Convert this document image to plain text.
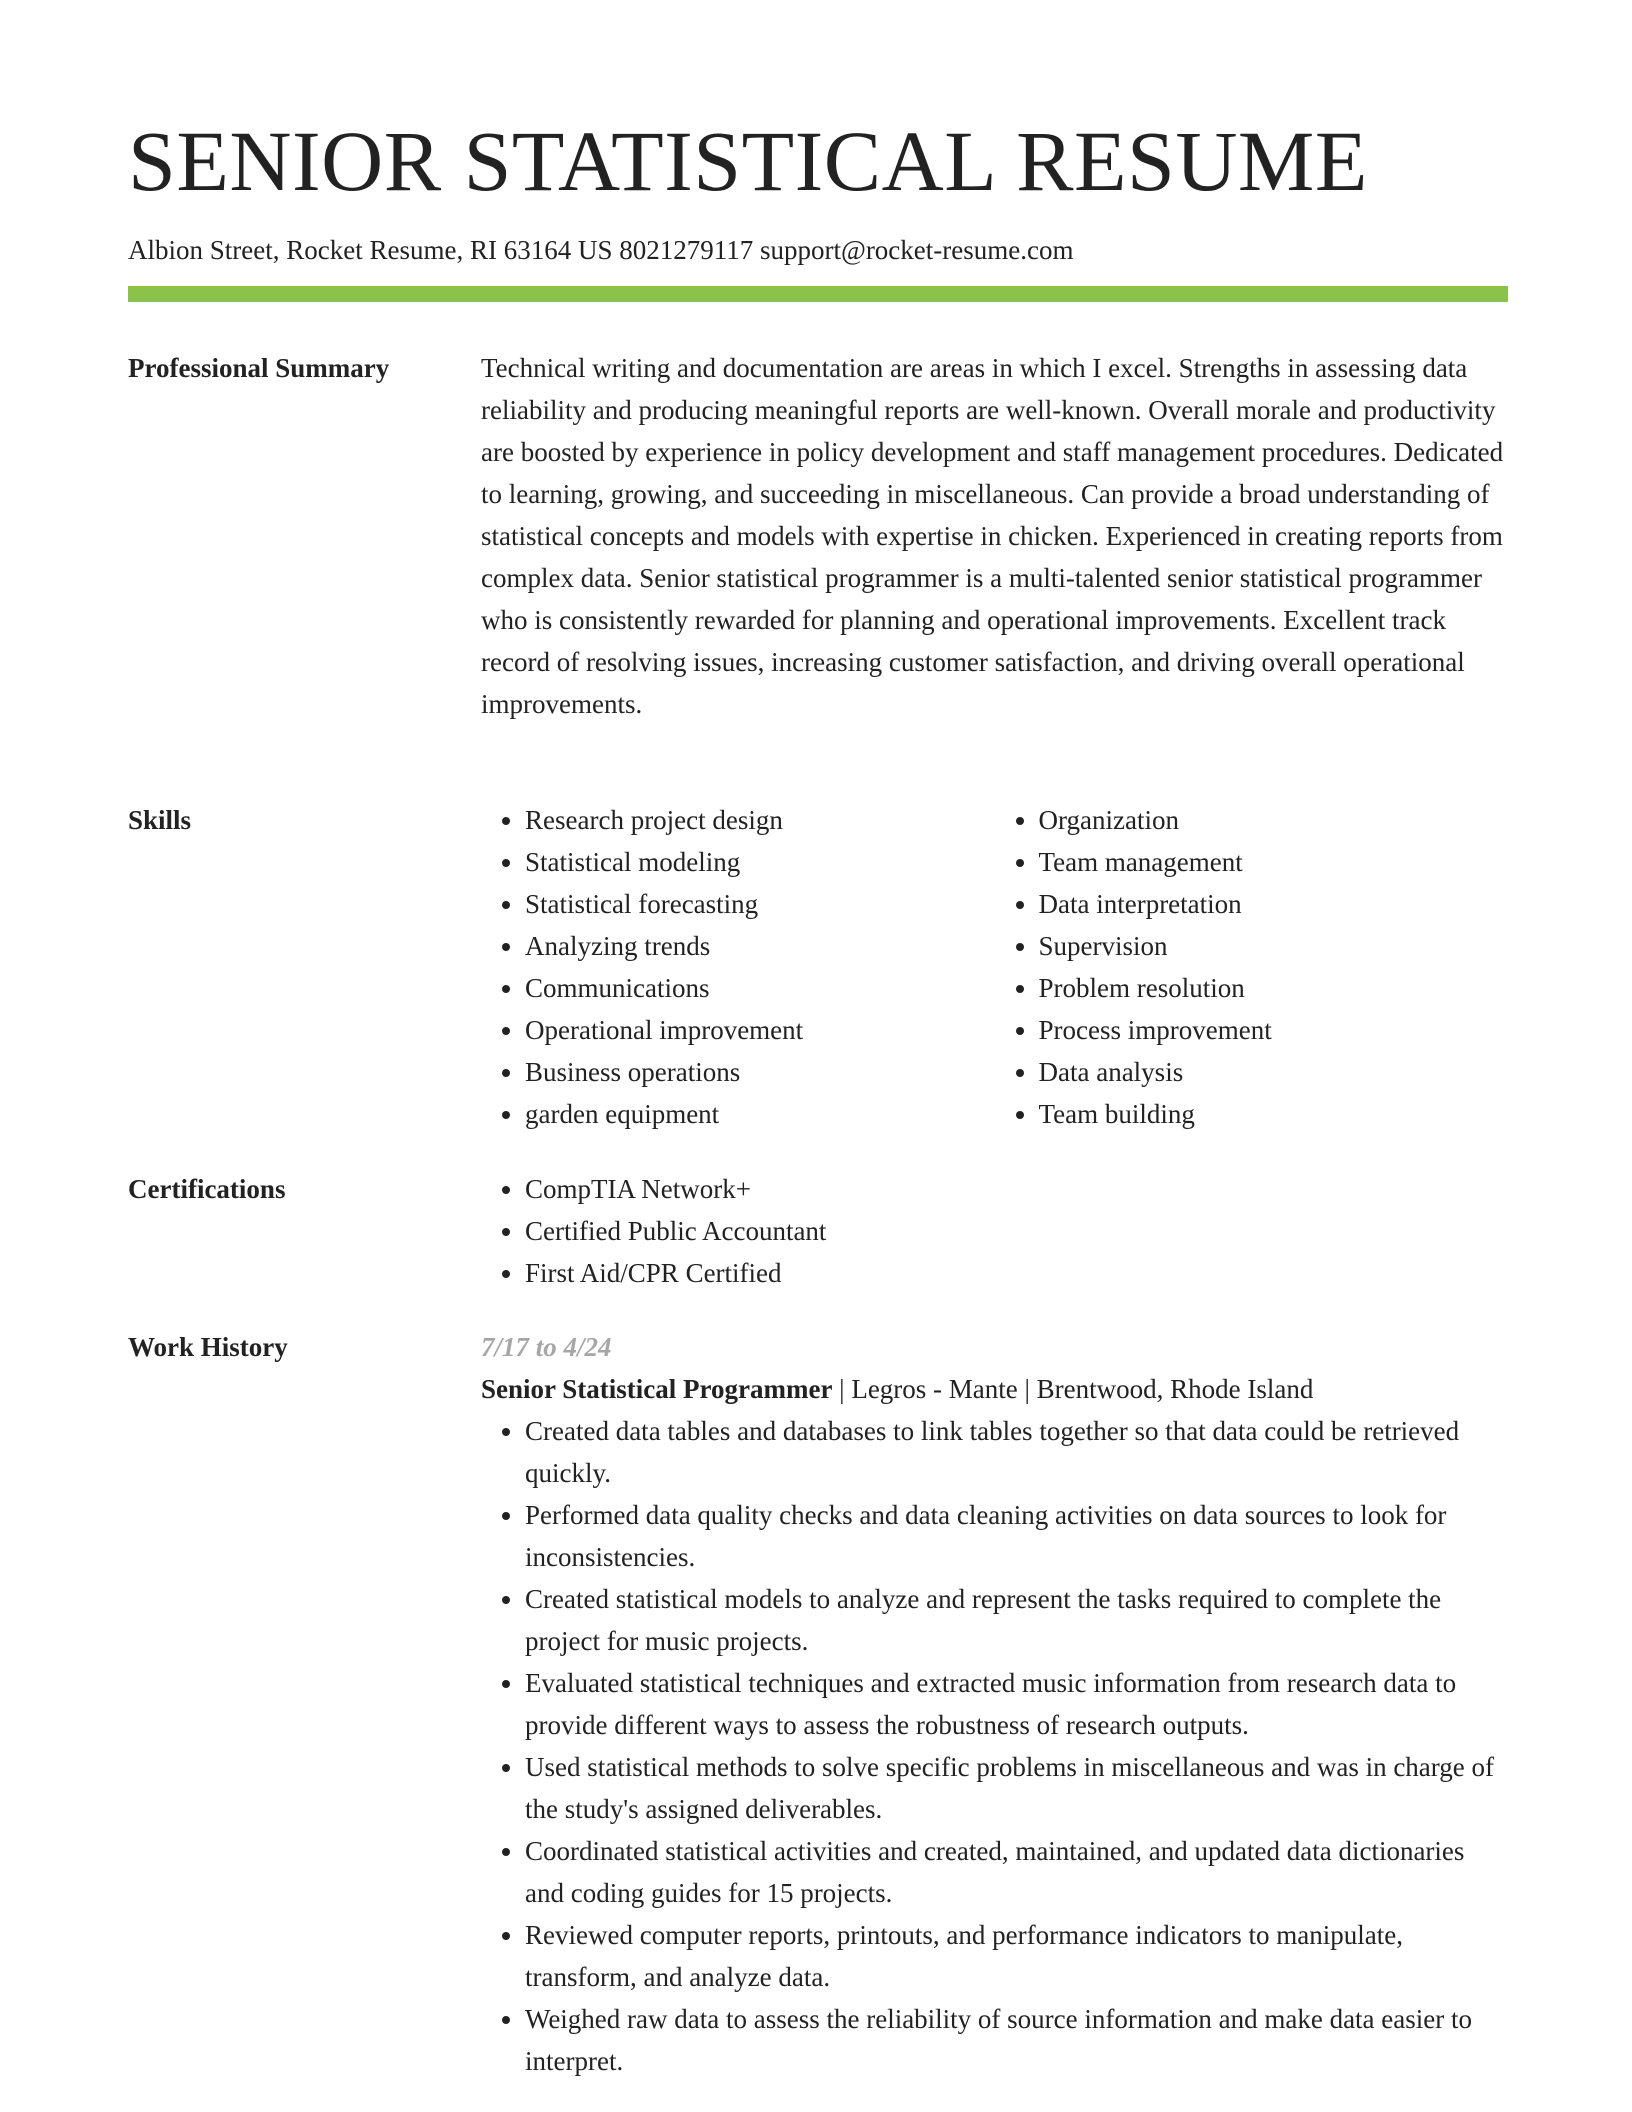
SENIOR STATISTICAL RESUME
Albion Street, Rocket Resume, RI 63164 US 8021279117 support@rocket-resume.com
Professional Summary	Technical writing and documentation are areas in which I excel. Strengths in assessing data reliability and producing meaningful reports are well-known. Overall morale and productivity are boosted by experience in policy development and staff management procedures. Dedicated to learning, growing, and succeeding in miscellaneous. Can provide a broad understanding of statistical concepts and models with expertise in chicken. Experienced in creating reports from complex data. Senior statistical programmer is a multi-talented senior statistical programmer who is consistently rewarded for planning and operational improvements. Excellent track record of resolving issues, increasing customer satisfaction, and driving overall operational improvements.

Skills	• Research project design
• Statistical modeling
• Statistical forecasting
• Analyzing trends
• Communications
• Operational improvement
• Business operations
• garden equipment
• Organization
• Team management
• Data interpretation
• Supervision
• Problem resolution
• Process improvement
• Data analysis
• Team building
Certifications	• CompTIA Network+
• Certified Public Accountant
• First Aid/CPR Certified
Work History	7/17 to 4/24
Senior Statistical Programmer | Legros - Mante | Brentwood, Rhode Island
• Created data tables and databases to link tables together so that data could be retrieved quickly.
• Performed data quality checks and data cleaning activities on data sources to look for inconsistencies.
• Created statistical models to analyze and represent the tasks required to complete the project for music projects.
• Evaluated statistical techniques and extracted music information from research data to provide different ways to assess the robustness of research outputs.
• Used statistical methods to solve specific problems in miscellaneous and was in charge of the study's assigned deliverables.
• Coordinated statistical activities and created, maintained, and updated data dictionaries and coding guides for 15 projects.
• Reviewed computer reports, printouts, and performance indicators to manipulate, transform, and analyze data.
• Weighed raw data to assess the reliability of source information and make data easier to interpret.
